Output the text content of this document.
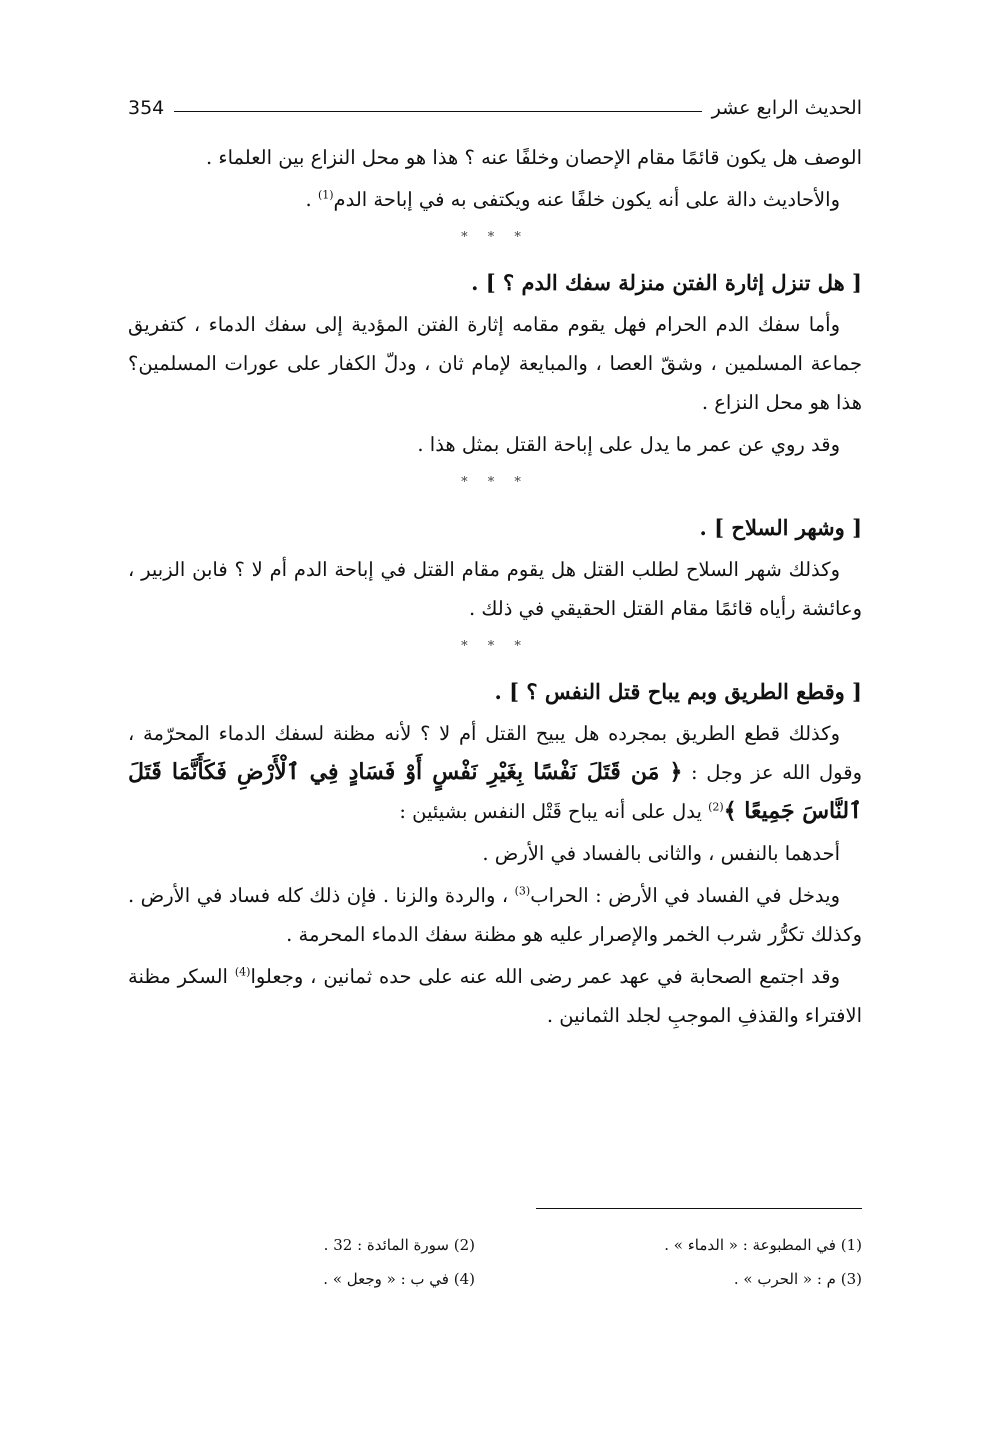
354	الحديث الرابع عشر

الوصف هل يكون قائمًا مقام الإحصان وخلفًا عنه ؟ هذا هو محل النزاع بين العلماء .

والأحاديث دالة على أنه يكون خلفًا عنه ويكتفى به في إباحة الدم$^{(1)}$ .

* * *

[ هل تنزل إثارة الفتن منزلة سفك الدم ؟ ] .

وأما سفك الدم الحرام فهل يقوم مقامه إثارة الفتن المؤدية إلى سفك الدماء ، كتفريق جماعة المسلمين ، وشقّ العصا ، والمبايعة لإمام ثان ، ودلّ الكفار على عورات المسلمين؟ هذا هو محل النزاع .

وقد روي عن عمر ما يدل على إباحة القتل بمثل هذا .

* * *

[ وشهر السلاح ] .

وكذلك شهر السلاح لطلب القتل هل يقوم مقام القتل في إباحة الدم أم لا ؟ فابن الزبير ، وعائشة رأياه قائمًا مقام القتل الحقيقي في ذلك .

* * *

[ وقطع الطريق وبم يباح قتل النفس ؟ ] .

وكذلك قطع الطريق بمجرده هل يبيح القتل أم لا ؟ لأنه مظنة لسفك الدماء المحرّمة ، وقول الله عز وجل : ﴿ مَن قَتَلَ نَفْسًا بِغَيْرِ نَفْسٍ أَوْ فَسَادٍ فِي ٱلْأَرْضِ فَكَأَنَّمَا قَتَلَ ٱلنَّاسَ جَمِيعًا ﴾$^{(2)}$ يدل على أنه يباح قَتْل النفس بشيئين :

أحدهما بالنفس ، والثانى بالفساد في الأرض .

ويدخل في الفساد في الأرض : الحراب$^{(3)}$ ، والردة والزنا . فإن ذلك كله فساد في الأرض . وكذلك تكرُّر شرب الخمر والإصرار عليه هو مظنة سفك الدماء المحرمة .

وقد اجتمع الصحابة في عهد عمر رضى الله عنه على حده ثمانين ، وجعلوا$^{(4)}$ السكر مظنة الافتراء والقذفِ الموجبِ لجلد الثمانين .

(1) في المطبوعة : « الدماء » .
(2) سورة المائدة : 32 .
(3) م : « الحرب » .
(4) في ب : « وجعل » .
